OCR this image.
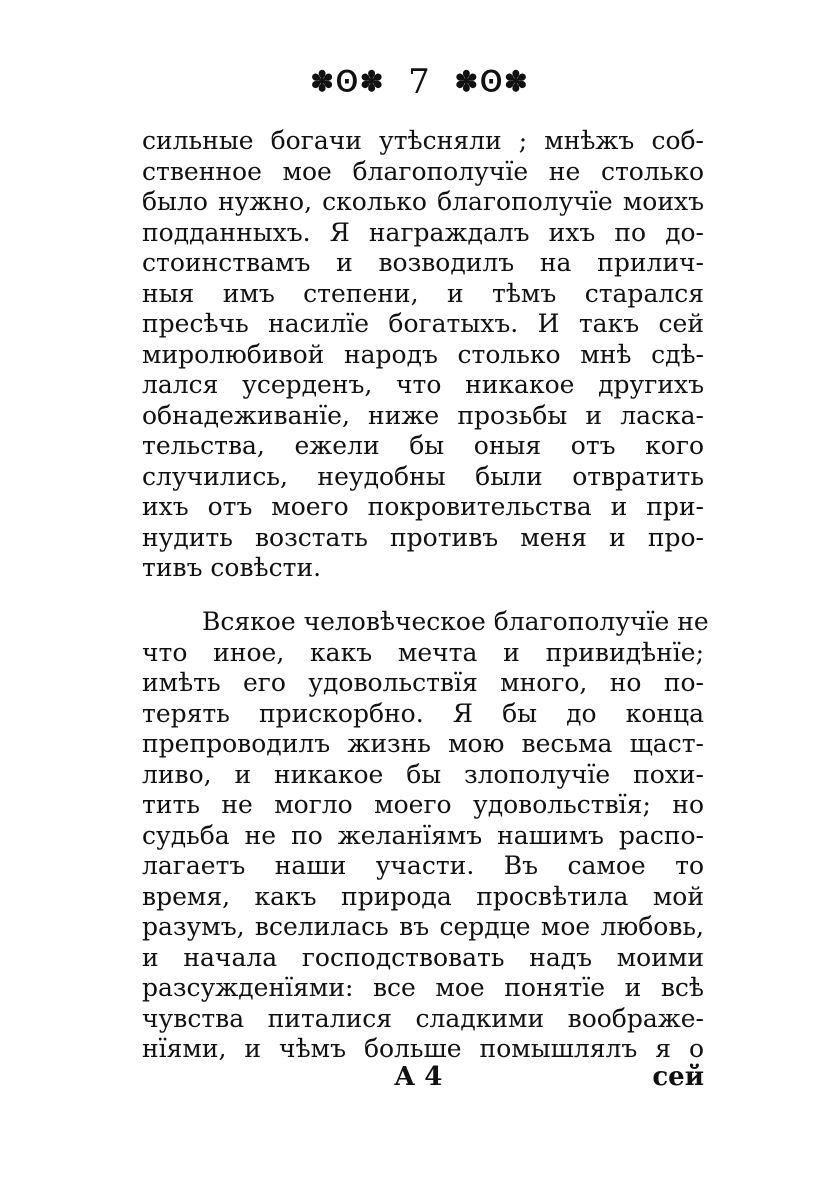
✽Ꙩ✽ 7 ✽Ꙩ✽
сильные богачи утѣсняли ; мнѣжъ соб-
ственное мое благополучїе не столько
было нужно, сколько благополучїе моихъ
подданныхъ. Я награждалъ ихъ по до-
стоинствамъ и возводилъ на прилич-
ныя имъ степени, и тѣмъ старался
пресѣчь насилїе богатыхъ. И такъ сей
миролюбивой народъ столько мнѣ сдѣ-
лался усерденъ, что никакое другихъ
обнадеживанїе, ниже прозьбы и ласка-
тельства, ежели бы оныя отъ кого
случились, неудобны были отвратить
ихъ отъ моего покровительства и при-
нудить возстать противъ меня и про-
тивъ совѣсти.
Всякое человѣческое благополучїе не
что иное, какъ мечта и привидѣнїе;
имѣть его удовольствїя много, но по-
терять прискорбно. Я бы до конца
препроводилъ жизнь мою весьма щаст-
ливо, и никакое бы злополучїе похи-
тить не могло моего удовольствїя; но
судьба не по желанїямъ нашимъ распо-
лагаетъ наши участи. Въ самое то
время, какъ природа просвѣтила мой
разумъ, вселилась въ сердце мое любовь,
и начала господствовать надъ моими
разсужденїями: все мое понятїе и всѣ
чувства питалися сладкими воображе-
нїями, и чѣмъ больше помышлялъ я о
А 4	сей
